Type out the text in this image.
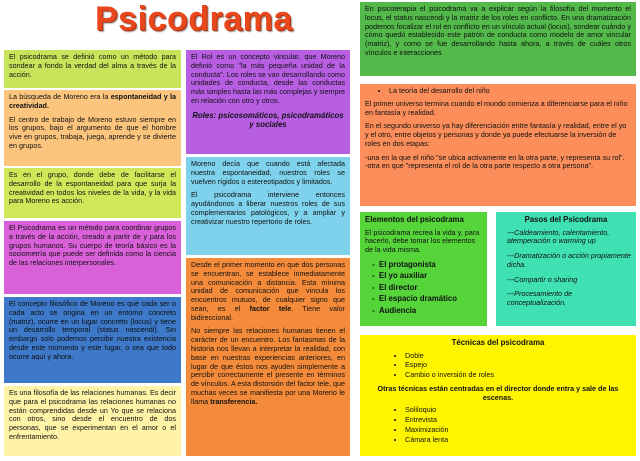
Psicodrama

El psicodrama se definió como un método para sondear a fondo la verdad del alma a través de la acción.

La búsqueda de Moreno era la espontaneidad y la creatividad.

El centro de trabajo de Moreno estuvo siempre en los grupos, bajo el argumento de que el hombre vive en grupos, trabaja, juega, aprende y se divierte en grupos.

Es en el grupo, donde debe de facilitarse el desarrollo de la espontaneidad para que surja la creatividad en todos los niveles de la vida, y la vida para Moreno es acción.

El Psicodrama es un método para coordinar grupos a través de la acción, creado a partir de y para los grupos humanos. Su cuerpo de teoría básico es la sociometría que puede ser definida como la ciencia de las relaciones interpersonales.

El concepto filosófico de Moreno es que cada ser o cada acto se origina en un entorno concreto (matriz), ocurre en un lugar concreto (locus) y tiene un desarrollo temporal (status nascendi). Sin embargo solo podemos percibir nuestra existencia desde este momento y este lugar, o sea que todo ocurre aquí y ahora.

Es una filosofía de las relaciones humanas. Es decir que para el psicodrama las relaciones humanas no están comprendidas desde un Yo que se relaciona con otros, sino desde el encuentro de dos personas, que se experimentan en el amor o el enfrentamiento.

El Rol es un concepto vincular, que Moreno definió como "la más pequeña unidad de la conducta". Los roles se van desarrollando como unidades de conducta, desde las conductas más simples hasta las más complejas y siempre en relación con otro y otros.

Roles: psicosomáticos, psicodramáticos y sociales

Moreno decía que cuando está afectada nuestra espontaneidad, nuestros roles se vuelven rígidos o estereotipados y limitados.

El psicodrama interviene entonces ayudándonos a liberar nuestros roles de sus complementarios patológicos, y a ampliar y creativizar nuestro repertorio de roles.

Desde el primer momento en que dos personas se encuentran, se establece inmediatamente una comunicación a distancia. Esta mínima unidad de comunicación que vincula los encuentros mutuos, de cualquier signo que sean, es el factor tele. Tiene valor bidireccional.

No siempre las relaciones humanas tienen el carácter de un encuentro. Los fantasmas de la historia nos llevan a interpretar la realidad, con base en nuestras experiencias anteriores, en lugar de que éstos nos ayuden simplemente a percibir correctamente el presente en términos de vínculos. A esta distorsión del factor tele, que muchas veces se manifiesta por una Moreno le llama transferencia.

En psicoterapia el psicodrama va a explicar según la filosofía del momento el locus, el status nascendi y la matriz de los roles en conflicto. En una dramatización podemos focalizar el rol en conflicto en un vínculo actual (locus), sondear cuándo y cómo quedó establecido este patrón de conducta como modelo de amor vincular (matriz), y como se fue desarrollando hasta ahora, a través de cuáles otros vínculos e interacciones

• La teoría del desarrollo del niño

El primer universo termina cuando el mundo comienza a diferenciarse para el niño en fantasía y realidad.

En el segundo universo ya hay diferenciación entre fantasía y realidad, entre el yo y el otro, entre objetos y personas y donde ya puede efectuarse la inversión de roles en dos etapas:

-una en la que el niño "se ubica activamente en la otra parte, y representa su rol".

-otra en que "representa el rol de la otra parte respecto a otra persona".

Elementos del psicodrama

El psicodrama recrea la vida y, para hacerlo, debe tomar los elementos de la vida misma.

- El protagonista
- El yo auxiliar
- El director
- El espacio dramático
- Audiencia
Pasos del Psicodrama
---Caldeamiento, calentamiento, atemperación o warming up
---Dramatización o acción propiamente dicha.
---Compartir o sharing
---Procesamiento de conceptualización.
Técnicas del psicodrama
• Doble
• Espejo
• Cambio o inversión de roles
Otras técnicas están centradas en el director donde entra y sale de las escenas.
• Soliloquio
• Entrevista
• Maximización
• Cámara lenta
